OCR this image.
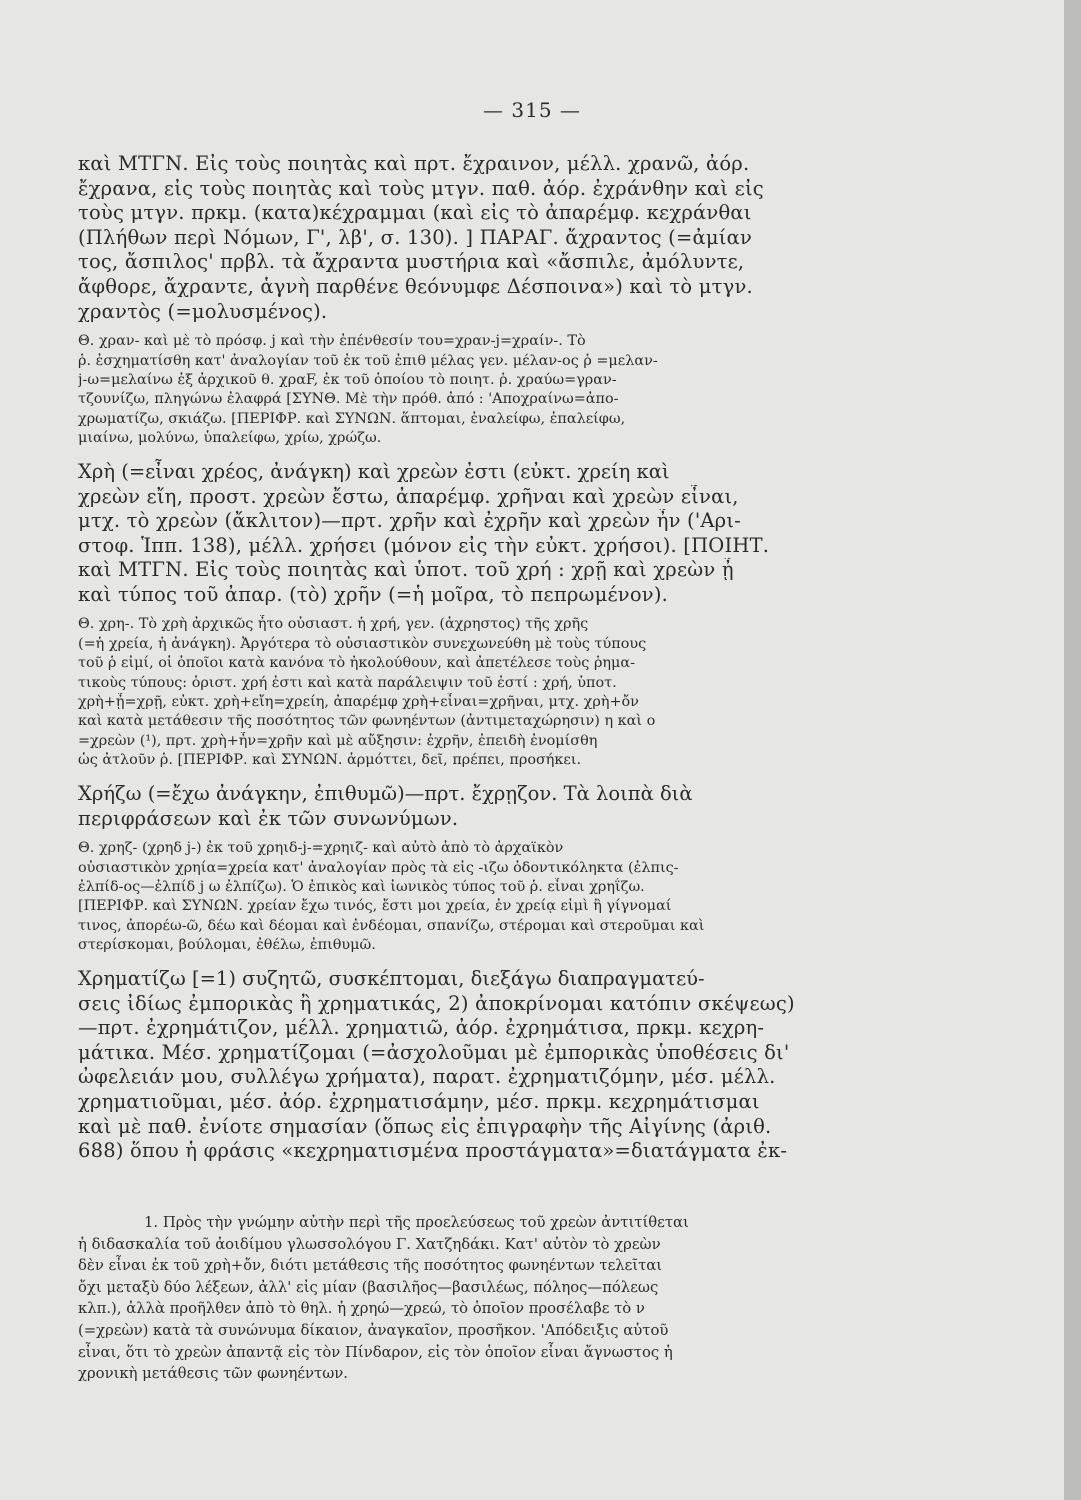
— 315 —
καὶ ΜΤΓΝ. Εἰς τοὺς ποιητὰς καὶ πρτ. ἔχραινον, μέλλ. χρανῶ, ἀόρ.
ἔχρανα, εἰς τοὺς ποιητὰς καὶ τοὺς μτγν. παθ. ἀόρ. ἐχράνθην καὶ εἰς
τοὺς μτγν. πρκμ. (κατα)κέχραμμαι (καὶ εἰς τὸ ἀπαρέμφ. κεχράνθαι
(Πλήθων περὶ Νόμων, Γ', λβ', σ. 130). ] ΠΑΡΑΓ. ἄχραντος (=ἀμίαν
τος, ἄσπιλος' πρβλ. τὰ ἄχραντα μυστήρια καὶ «ἄσπιλε, ἀμόλυντε,
ἄφθορε, ἄχραντε, ἁγνὴ παρθένε θεόνυμφε Δέσποινα») καὶ τὸ μτγν.
χραντὸς (=μολυσμένος).
Θ. χραν- καὶ μὲ τὸ πρόσφ. j καὶ τὴν ἐπένθεσίν του=χραν-j=χραίν-. Τὸ
ῥ. ἐσχηματίσθη κατ' ἀναλογίαν τοῦ ἐκ τοῦ ἐπιθ μέλας γεν. μέλαν-ος ῥ =μελαν-
j-ω=μελαίνω ἐξ ἀρχικοῦ θ. χραF, ἐκ τοῦ ὁποίου τὸ ποιητ. ῥ. χραύω=γραν-
τζουνίζω, πληγώνω ἐλαφρά [ΣΥΝΘ. Μὲ τὴν πρόθ. ἀπό : 'Αποχραίνω=ἀπο-
χρωματίζω, σκιάζω. [ΠΕΡΙΦΡ. καὶ ΣΥΝΩΝ. ἅπτομαι, ἐναλείφω, ἐπαλείφω,
μιαίνω, μολύνω, ὑπαλείφω, χρίω, χρώζω.
Χρὴ (=εἶναι χρέος, ἀνάγκη) καὶ χρεὼν ἐστι (εὐκτ. χρείη καὶ
χρεὼν εἴη, προστ. χρεὼν ἔστω, ἀπαρέμφ. χρῆναι καὶ χρεὼν εἶναι,
μτχ. τὸ χρεὼν (ἄκλιτον)—πρτ. χρῆν καὶ ἐχρῆν καὶ χρεὼν ἦν ('Αρι-
στοφ. Ἱππ. 138), μέλλ. χρήσει (μόνον εἰς τὴν εὐκτ. χρήσοι). [ΠΟΙΗΤ.
καὶ ΜΤΓΝ. Εἰς τοὺς ποιητὰς καὶ ὑποτ. τοῦ χρή : χρῇ καὶ χρεὼν ᾖ
καὶ τύπος τοῦ ἀπαρ. (τὸ) χρῆν (=ἡ μοῖρα, τὸ πεπρωμένον).
Θ. χρη-. Τὸ χρὴ ἀρχικῶς ἦτο οὐσιαστ. ἡ χρή, γεν. (ἀχρηστος) τῆς χρῆς
(=ἡ χρεία, ἡ ἀνάγκη). Ἀργότερα τὸ οὐσιαστικὸν συνεχωνεύθη μὲ τοὺς τύπους
τοῦ ῥ εἰμί, οἱ ὁποῖοι κατὰ κανόνα τὸ ἠκολούθουν, καὶ ἀπετέλεσε τοὺς ῥημα-
τικοὺς τύπους: ὁριστ. χρή ἐστι καὶ κατὰ παράλειψιν τοῦ ἐστί : χρή, ὑποτ.
χρὴ+ᾖ=χρῇ, εὐκτ. χρὴ+εἴη=χρείη, ἀπαρέμφ χρὴ+εἶναι=χρῆναι, μτχ. χρὴ+ὄν
καὶ κατὰ μετάθεσιν τῆς ποσότητος τῶν φωνηέντων (ἀντιμεταχώρησιν) η καὶ ο
=χρεὼν (¹), πρτ. χρὴ+ἦν=χρῆν καὶ μὲ αὔξησιν: ἐχρῆν, ἐπειδὴ ἐνομίσθη
ὡς ἀτλοῦν ῥ. [ΠΕΡΙΦΡ. καὶ ΣΥΝΩΝ. ἁρμόττει, δεῖ, πρέπει, προσήκει.
Χρήζω (=ἔχω ἀνάγκην, ἐπιθυμῶ)—πρτ. ἔχρῃζον. Τὰ λοιπὰ διὰ
περιφράσεων καὶ ἐκ τῶν συνωνύμων.
Θ. χρηζ- (χρηδ j-) ἐκ τοῦ χρηιδ-j-=χρηιζ- καὶ αὐτὸ ἀπὸ τὸ ἀρχαϊκὸν
οὐσιαστικὸν χρηία=χρεία κατ' ἀναλογίαν πρὸς τὰ εἰς -ιζω ὀδοντικόληκτα (ἐλπις-
ἐλπίδ-ος—ἐλπίδ j ω ἐλπίζω). Ὁ ἐπικὸς καὶ ἰωνικὸς τύπος τοῦ ῥ. εἶναι χρηΐζω.
[ΠΕΡΙΦΡ. καὶ ΣΥΝΩΝ. χρείαν ἔχω τινός, ἔστι μοι χρεία, ἐν χρείᾳ εἰμὶ ἢ γίγνομαί
τινος, ἀπορέω-ῶ, δέω καὶ δέομαι καὶ ἐνδέομαι, σπανίζω, στέρομαι καὶ στεροῦμαι καὶ
στερίσκομαι, βούλομαι, ἐθέλω, ἐπιθυμῶ.
Χρηματίζω [=1) συζητῶ, συσκέπτομαι, διεξάγω διαπραγματεύ-
σεις ἰδίως ἐμπορικὰς ἢ χρηματικάς, 2) ἀποκρίνομαι κατόπιν σκέψεως)
—πρτ. ἐχρημάτιζον, μέλλ. χρηματιῶ, ἀόρ. ἐχρημάτισα, πρκμ. κεχρη-
μάτικα. Μέσ. χρηματίζομαι (=ἀσχολοῦμαι μὲ ἐμπορικὰς ὑποθέσεις δι'
ὠφελειάν μου, συλλέγω χρήματα), παρατ. ἐχρηματιζόμην, μέσ. μέλλ.
χρηματιοῦμαι, μέσ. ἀόρ. ἐχρηματισάμην, μέσ. πρκμ. κεχρημάτισμαι
καὶ μὲ παθ. ἐνίοτε σημασίαν (ὅπως εἰς ἐπιγραφὴν τῆς Αἰγίνης (ἀριθ.
688) ὅπου ἡ φράσις «κεχρηματισμένα προστάγματα»=διατάγματα ἐκ-
1. Πρὸς τὴν γνώμην αὐτὴν περὶ τῆς προελεύσεως τοῦ χρεὼν ἀντιτίθεται
ἡ διδασκαλία τοῦ ἀοιδίμου γλωσσολόγου Γ. Χατζηδάκι. Κατ' αὐτὸν τὸ χρεὼν
δὲν εἶναι ἐκ τοῦ χρὴ+ὄν, διότι μετάθεσις τῆς ποσότητος φωνηέντων τελεῖται
ὄχι μεταξὺ δύο λέξεων, ἀλλ' εἰς μίαν (βασιλῆος—βασιλέως, πόληος—πόλεως
κλπ.), ἀλλὰ προῆλθεν ἀπὸ τὸ θηλ. ἡ χρηώ—χρεώ, τὸ ὁποῖον προσέλαβε τὸ ν
(=χρεὼν) κατὰ τὰ συνώνυμα δίκαιον, ἀναγκαῖον, προσῆκον. 'Απόδειξις αὐτοῦ
εἶναι, ὅτι τὸ χρεὼν ἀπαντᾷ εἰς τὸν Πίνδαρον, εἰς τὸν ὁποῖον εἶναι ἄγνωστος ἡ
χρονικὴ μετάθεσις τῶν φωνηέντων.
